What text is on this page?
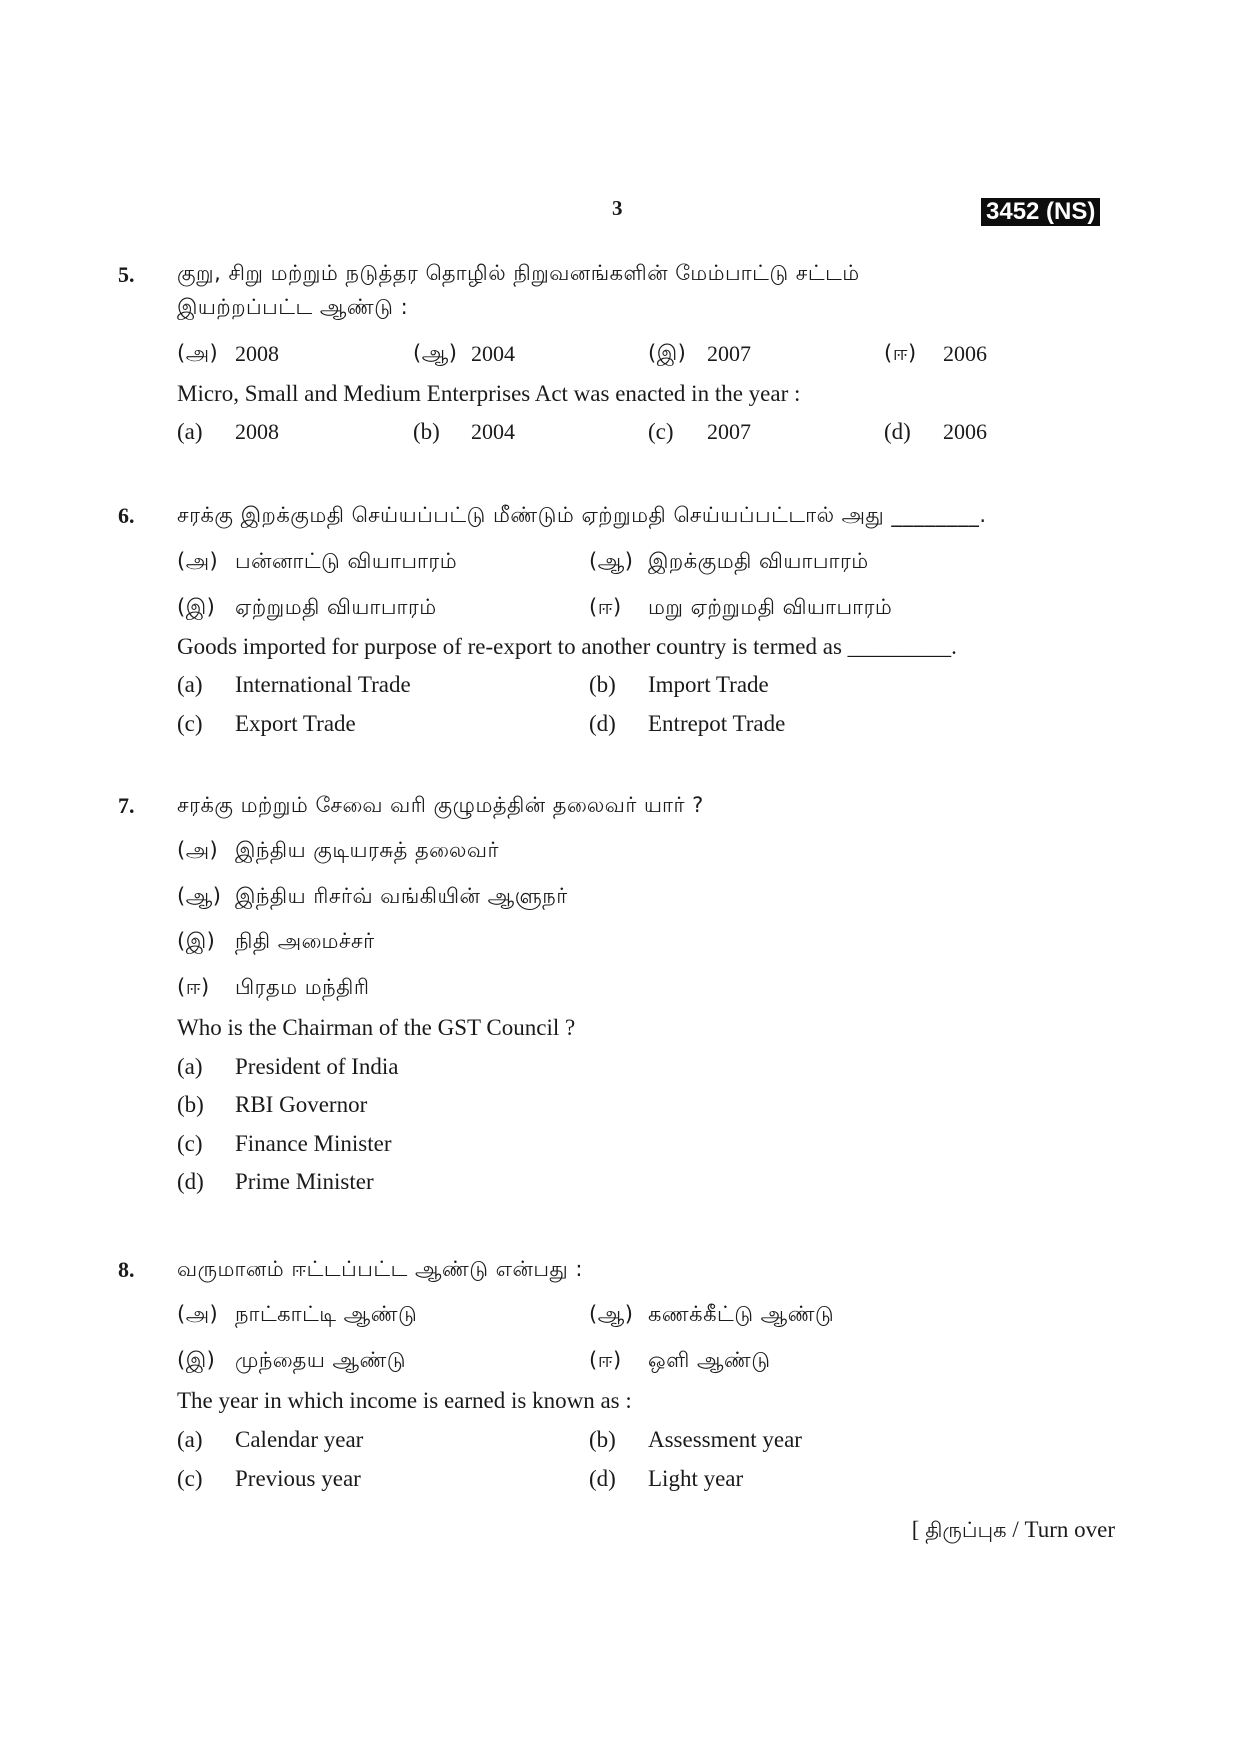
3	3452 (NS)
5. குறு, சிறு மற்றும் நடுத்தர தொழில் நிறுவனங்களின் மேம்பாட்டு சட்டம்
இயற்றப்பட்ட ஆண்டு :
(அ) 2008	(ஆ) 2004	(இ) 2007	(ஈ) 2006
Micro, Small and Medium Enterprises Act was enacted in the year :
(a) 2008	(b) 2004	(c) 2007	(d) 2006
6. சரக்கு இறக்குமதி செய்யப்பட்டு மீண்டும் ஏற்றுமதி செய்யப்பட்டால் அது ________.
(அ) பன்னாட்டு வியாபாரம்	(ஆ) இறக்குமதி வியாபாரம்
(இ) ஏற்றுமதி வியாபாரம்	(ஈ) மறு ஏற்றுமதி வியாபாரம்
Goods imported for purpose of re-export to another country is termed as _________.
(a) International Trade	(b) Import Trade
(c) Export Trade	(d) Entrepot Trade
7. சரக்கு மற்றும் சேவை வரி குழுமத்தின் தலைவர் யார் ?
(அ) இந்திய குடியரசுத் தலைவர்
(ஆ) இந்திய ரிசர்வ் வங்கியின் ஆளுநர்
(இ) நிதி அமைச்சர்
(ஈ) பிரதம மந்திரி
Who is the Chairman of the GST Council ?
(a) President of India
(b) RBI Governor
(c) Finance Minister
(d) Prime Minister
8. வருமானம் ஈட்டப்பட்ட ஆண்டு என்பது :
(அ) நாட்காட்டி ஆண்டு	(ஆ) கணக்கீட்டு ஆண்டு
(இ) முந்தைய ஆண்டு	(ஈ) ஒளி ஆண்டு
The year in which income is earned is known as :
(a) Calendar year	(b) Assessment year
(c) Previous year	(d) Light year
[ திருப்புக / Turn over
